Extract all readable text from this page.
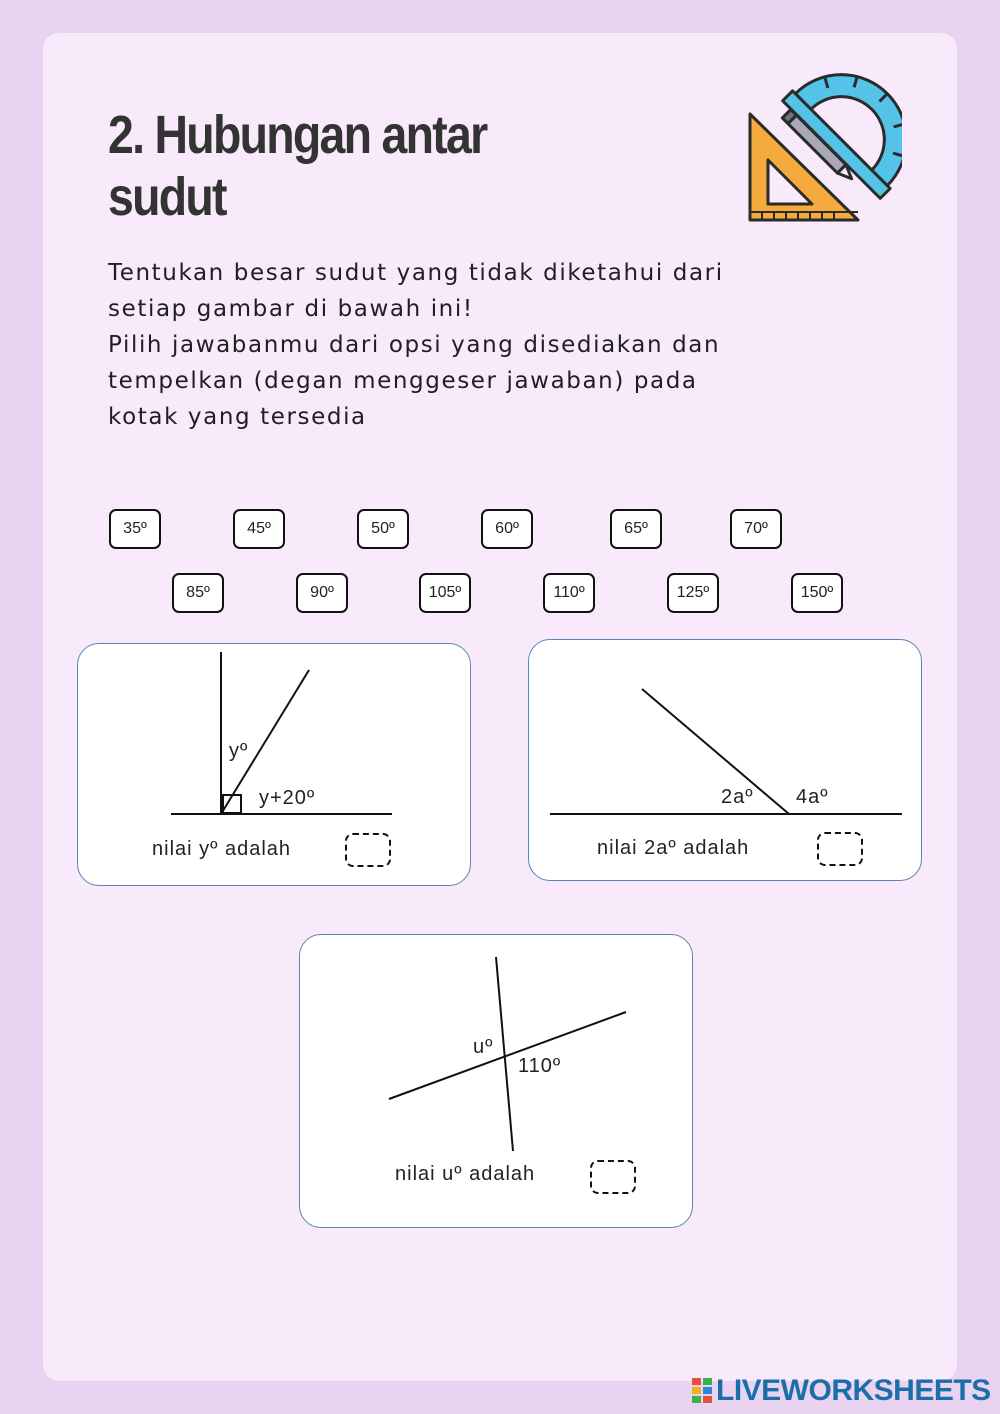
2. Hubungan antar
sudut
Tentukan besar sudut yang tidak diketahui dari
setiap gambar di bawah ini!
Pilih jawabanmu dari opsi yang disediakan dan
tempelkan (degan menggeser jawaban) pada
kotak yang tersedia
35º	45º	50º	60º	65º	70º
85º	90º	105º	110º	125º	150º
yº
y+20º
nilai yº adalah
2aº 4aº
nilai 2aº adalah
uº
110º
nilai uº adalah
LIVEWORKSHEETS
